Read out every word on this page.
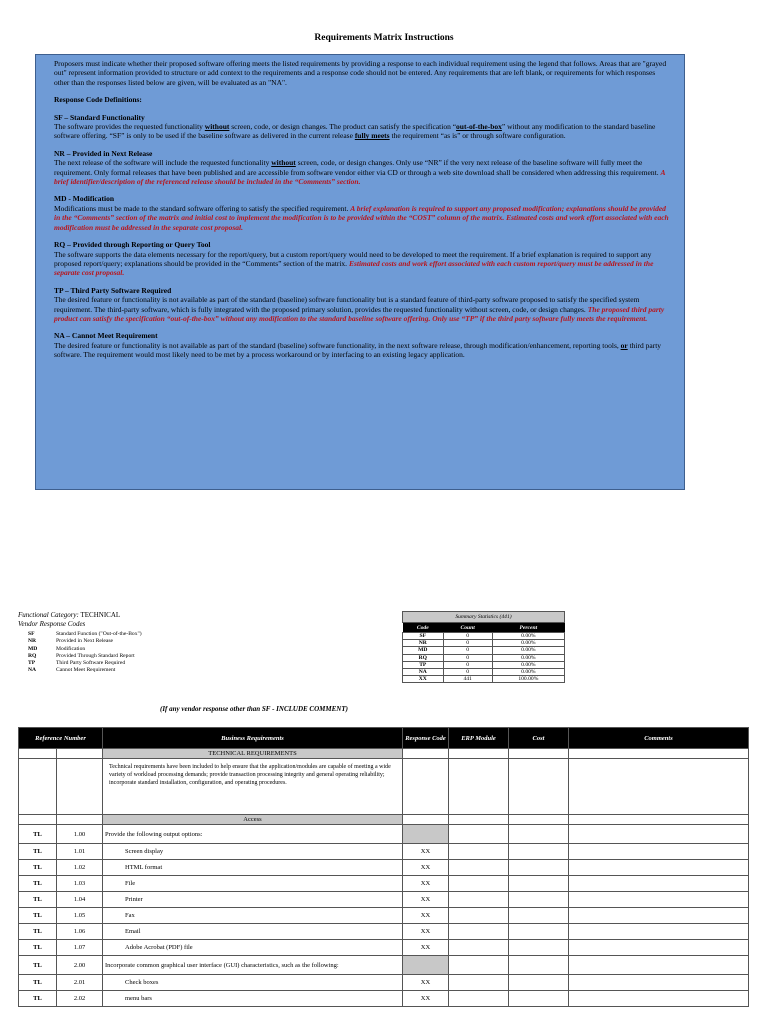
Requirements Matrix Instructions

Proposers must indicate whether their proposed software offering meets the listed requirements by providing a response to each individual requirement using the legend that follows. Areas that are "grayed out" represent information provided to structure or add context to the requirements and a response code should not be entered. Any requirements that are left blank, or requirements for which responses other than the responses listed below are given, will be evaluated as an "NA".

Response Code Definitions:

SF – Standard Functionality

The software provides the requested functionality without screen, code, or design changes. The product can satisfy the specification “out-of-the-box” without any modification to the standard baseline software offering. “SF” is only to be used if the baseline software as delivered in the current release fully meets the requirement “as is” or through software configuration.

NR – Provided in Next Release

The next release of the software will include the requested functionality without screen, code, or design changes. Only use “NR” if the very next release of the baseline software will fully meet the requirement. Only formal releases that have been published and are accessible from software vendor either via CD or through a web site download shall be considered when addressing this requirement. A brief identifier/description of the referenced release should be included in the “Comments” section.

MD - Modification

Modifications must be made to the standard software offering to satisfy the specified requirement. A brief explanation is required to support any proposed modification; explanations should be provided in the “Comments” section of the matrix and initial cost to implement the modification is to be provided within the “COST” column of the matrix. Estimated costs and work effort associated with each modification must be addressed in the separate cost proposal.

RQ – Provided through Reporting or Query Tool

The software supports the data elements necessary for the report/query, but a custom report/query would need to be developed to meet the requirement. If a brief explanation is required to support any proposed report/query; explanations should be provided in the “Comments” section of the matrix. Estimated costs and work effort associated with each custom report/query must be addressed in the separate cost proposal.

TP – Third Party Software Required

The desired feature or functionality is not available as part of the standard (baseline) software functionality but is a standard feature of third-party software proposed to satisfy the specified system requirement. The third-party software, which is fully integrated with the proposed primary solution, provides the requested functionality without screen, code, or design changes. The proposed third party product can satisfy the specification “out-of-the-box” without any modification to the standard baseline software offering. Only use “TP” if the third party software fully meets the requirement.

NA – Cannot Meet Requirement

The desired feature or functionality is not available as part of the standard (baseline) software functionality, in the next software release, through modification/enhancement, reporting tools, or third party software. The requirement would most likely need to be met by a process workaround or by interfacing to an existing legacy application.

Functional Category: TECHNICAL
Vendor Response Codes
SF	Standard Function ("Out-of-the-Box")
NR	Provided in Next Release
MD	Modification
RQ	Provided Through Standard Report
TP	Third Party Software Required
NA	Cannot Meet Requirement
Summary Statistics (441)
Code	Count	Percent
SF	0	0.00%
NR	0	0.00%
MD	0	0.00%
RQ	0	0.00%
TP	0	0.00%
NA	0	0.00%
XX	441	100.00%
(If any vendor response other than SF - INCLUDE COMMENT)
Reference Number		Business Requirements	Response Code	ERP Module	Cost	Comments
		TECHNICAL REQUIREMENTS				
		Technical requirements have been included to help ensure that the application/modules are capable of meeting a wide variety of workload processing demands; provide transaction processing integrity and general operating reliability; incorporate standard installation, configuration, and operating procedures.				
		Access				
TL	1.00	Provide the following output options:				
TL	1.01	Screen display	XX			
TL	1.02	HTML format	XX			
TL	1.03	File	XX			
TL	1.04	Printer	XX			
TL	1.05	Fax	XX			
TL	1.06	Email	XX			
TL	1.07	Adobe Acrobat (PDF) file	XX			
TL	2.00	Incorporate common graphical user interface (GUI) characteristics, such as the following:				
TL	2.01	Check boxes	XX			
TL	2.02	menu bars	XX			
